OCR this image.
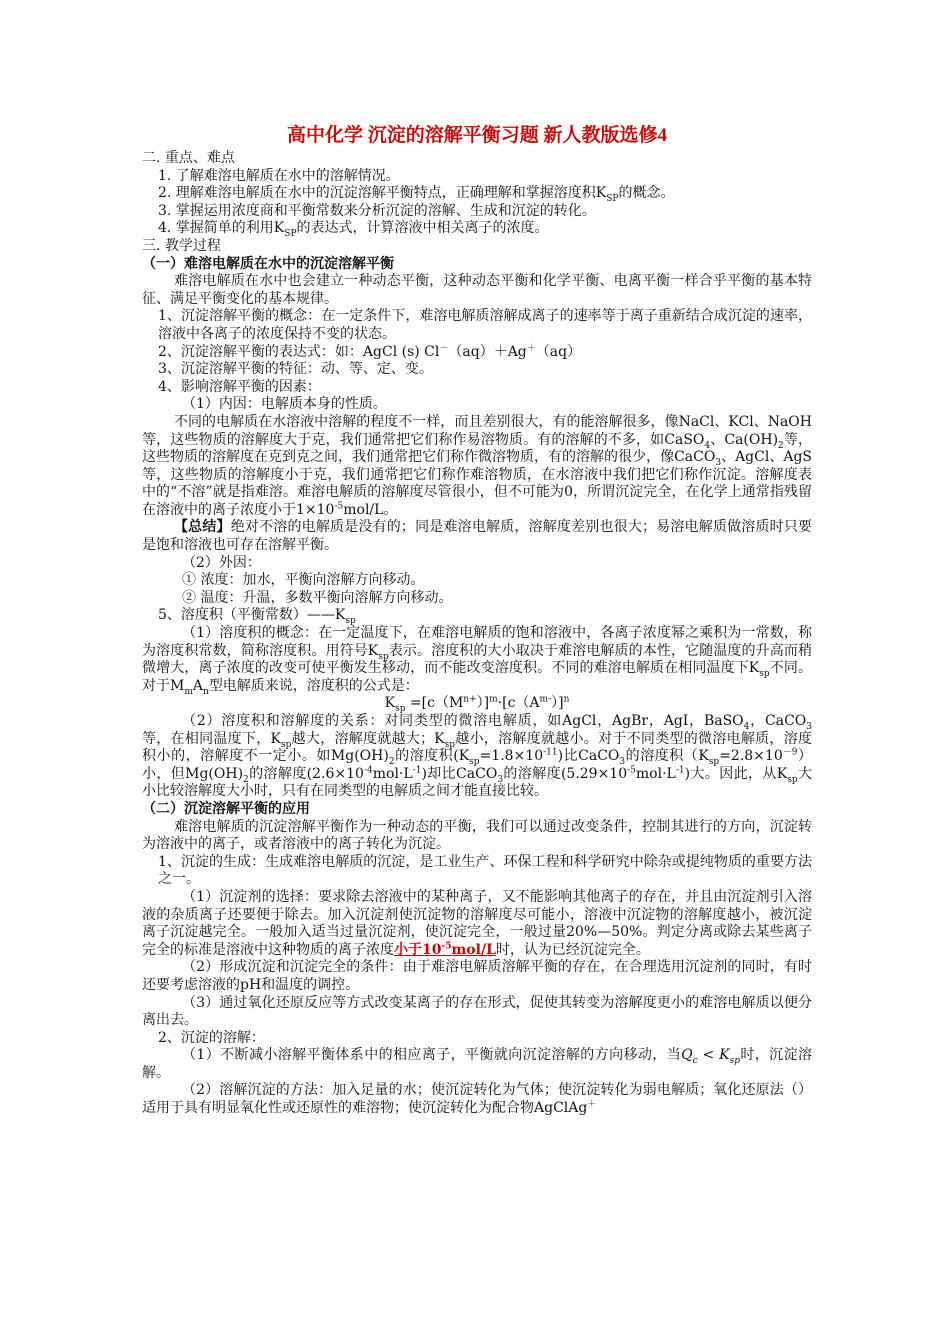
高中化学 沉淀的溶解平衡习题 新人教版选修4

二. 重点、难点

1. 了解难溶电解质在水中的溶解情况。

2. 理解难溶电解质在水中的沉淀溶解平衡特点，正确理解和掌握溶度积$K_{SP}$的概念。

3. 掌握运用浓度商和平衡常数来分析沉淀的溶解、生成和沉淀的转化。

4. 掌握简单的利用$K_{SP}$的表达式，计算溶液中相关离子的浓度。

三. 教学过程

（一）难溶电解质在水中的沉淀溶解平衡

难溶电解质在水中也会建立一种动态平衡，这种动态平衡和化学平衡、电离平衡一样合乎平衡的基本特征、满足平衡变化的基本规律。

1、沉淀溶解平衡的概念：在一定条件下，难溶电解质溶解成离子的速率等于离子重新结合成沉淀的速率，溶液中各离子的浓度保持不变的状态。

2、沉淀溶解平衡的表达式：如：AgCl (s) Cl－（aq）＋Ag＋（aq）

3、沉淀溶解平衡的特征：动、等、定、变。

4、影响溶解平衡的因素：

（1）内因：电解质本身的性质。

不同的电解质在水溶液中溶解的程度不一样，而且差别很大，有的能溶解很多，像NaCl、KCl、NaOH等，这些物质的溶解度大于克，我们通常把它们称作易溶物质。有的溶解的不多，如CaSO$_4$、$Ca(OH)_2$等，这些物质的溶解度在克到克之间，我们通常把它们称作微溶物质，有的溶解的很少，像CaCO$_3$、AgCl、AgS等，这些物质的溶解度小于克，我们通常把它们称作难溶物质，在水溶液中我们把它们称作沉淀。溶解度表中的“不溶”就是指难溶。难溶电解质的溶解度尽管很小，但不可能为0，所谓沉淀完全，在化学上通常指残留在溶液中的离子浓度小于$1\times 10^{-5}mol/L$。

【总结】绝对不溶的电解质是没有的；同是难溶电解质，溶解度差别也很大；易溶电解质做溶质时只要是饱和溶液也可存在溶解平衡。

（2）外因：

① 浓度：加水，平衡向溶解方向移动。

② 温度：升温，多数平衡向溶解方向移动。

5、溶度积（平衡常数）$——K_{sp}$

（1）溶度积的概念：在一定温度下，在难溶电解质的饱和溶液中，各离子浓度幂之乘积为一常数，称为溶度积常数，简称溶度积。用符号$K_{sp}$表示。溶度积的大小取决于难溶电解质的本性，它随温度的升高而稍微增大，离子浓度的改变可使平衡发生移动，而不能改变溶度积。不同的难溶电解质在相同温度下$K_{sp}$不同。对于$M_mA_n$型电解质来说，溶度积的公式是：

$K_{sp} =[c(M^{n+})]^m\cdot[c(A^{m-})]^n$

（2）溶度积和溶解度的关系：对同类型的微溶电解质，如AgCl，AgBr，AgI，BaSO$_4$，CaCO$_3$等，在相同温度下，$K_{sp}$越大，溶解度就越大；$K_{sp}$越小，溶解度就越小。对于不同类型的微溶电解质，溶度积小的，溶解度不一定小。如$Mg(OH)_2$的溶度积$(K_{sp}=1.8\times 10^{-11})$比CaCO$_3$的溶度积$(K_{sp}=2.8\times 10^{-9})$小，但$Mg(OH)_2$的溶解度$(2.6\times 10^{-4}mol\cdot L^{-1})$却比CaCO$_3$的溶解度$(5.29\times 10^{-5}mol\cdot L^{-1})$大。因此，从$K_{sp}$大小比较溶解度大小时，只有在同类型的电解质之间才能直接比较。

（二）沉淀溶解平衡的应用

难溶电解质的沉淀溶解平衡作为一种动态的平衡，我们可以通过改变条件，控制其进行的方向，沉淀转为溶液中的离子，或者溶液中的离子转化为沉淀。

1、沉淀的生成：生成难溶电解质的沉淀，是工业生产、环保工程和科学研究中除杂或提纯物质的重要方法之一。

（1）沉淀剂的选择：要求除去溶液中的某种离子，又不能影响其他离子的存在，并且由沉淀剂引入溶液的杂质离子还要便于除去。加入沉淀剂使沉淀物的溶解度尽可能小，溶液中沉淀物的溶解度越小，被沉淀离子沉淀越完全。一般加入适当过量沉淀剂，使沉淀完全，一般过量20%—50%。判定分离或除去某些离子完全的标准是溶液中这种物质的离子浓度小于$10^{-5}mol/L$时，认为已经沉淀完全。

（2）形成沉淀和沉淀完全的条件：由于难溶电解质溶解平衡的存在，在合理选用沉淀剂的同时，有时还要考虑溶液的pH和温度的调控。

（3）通过氧化还原反应等方式改变某离子的存在形式，促使其转变为溶解度更小的难溶电解质以便分离出去。

2、沉淀的溶解：

（1）不断减小溶解平衡体系中的相应离子，平衡就向沉淀溶解的方向移动，当$Q_c < K_{sp}$时，沉淀溶解。

（2）溶解沉淀的方法：加入足量的水；使沉淀转化为气体；使沉淀转化为弱电解质；氧化还原法（）适用于具有明显氧化性或还原性的难溶物；使沉淀转化为配合物AgClAg＋
